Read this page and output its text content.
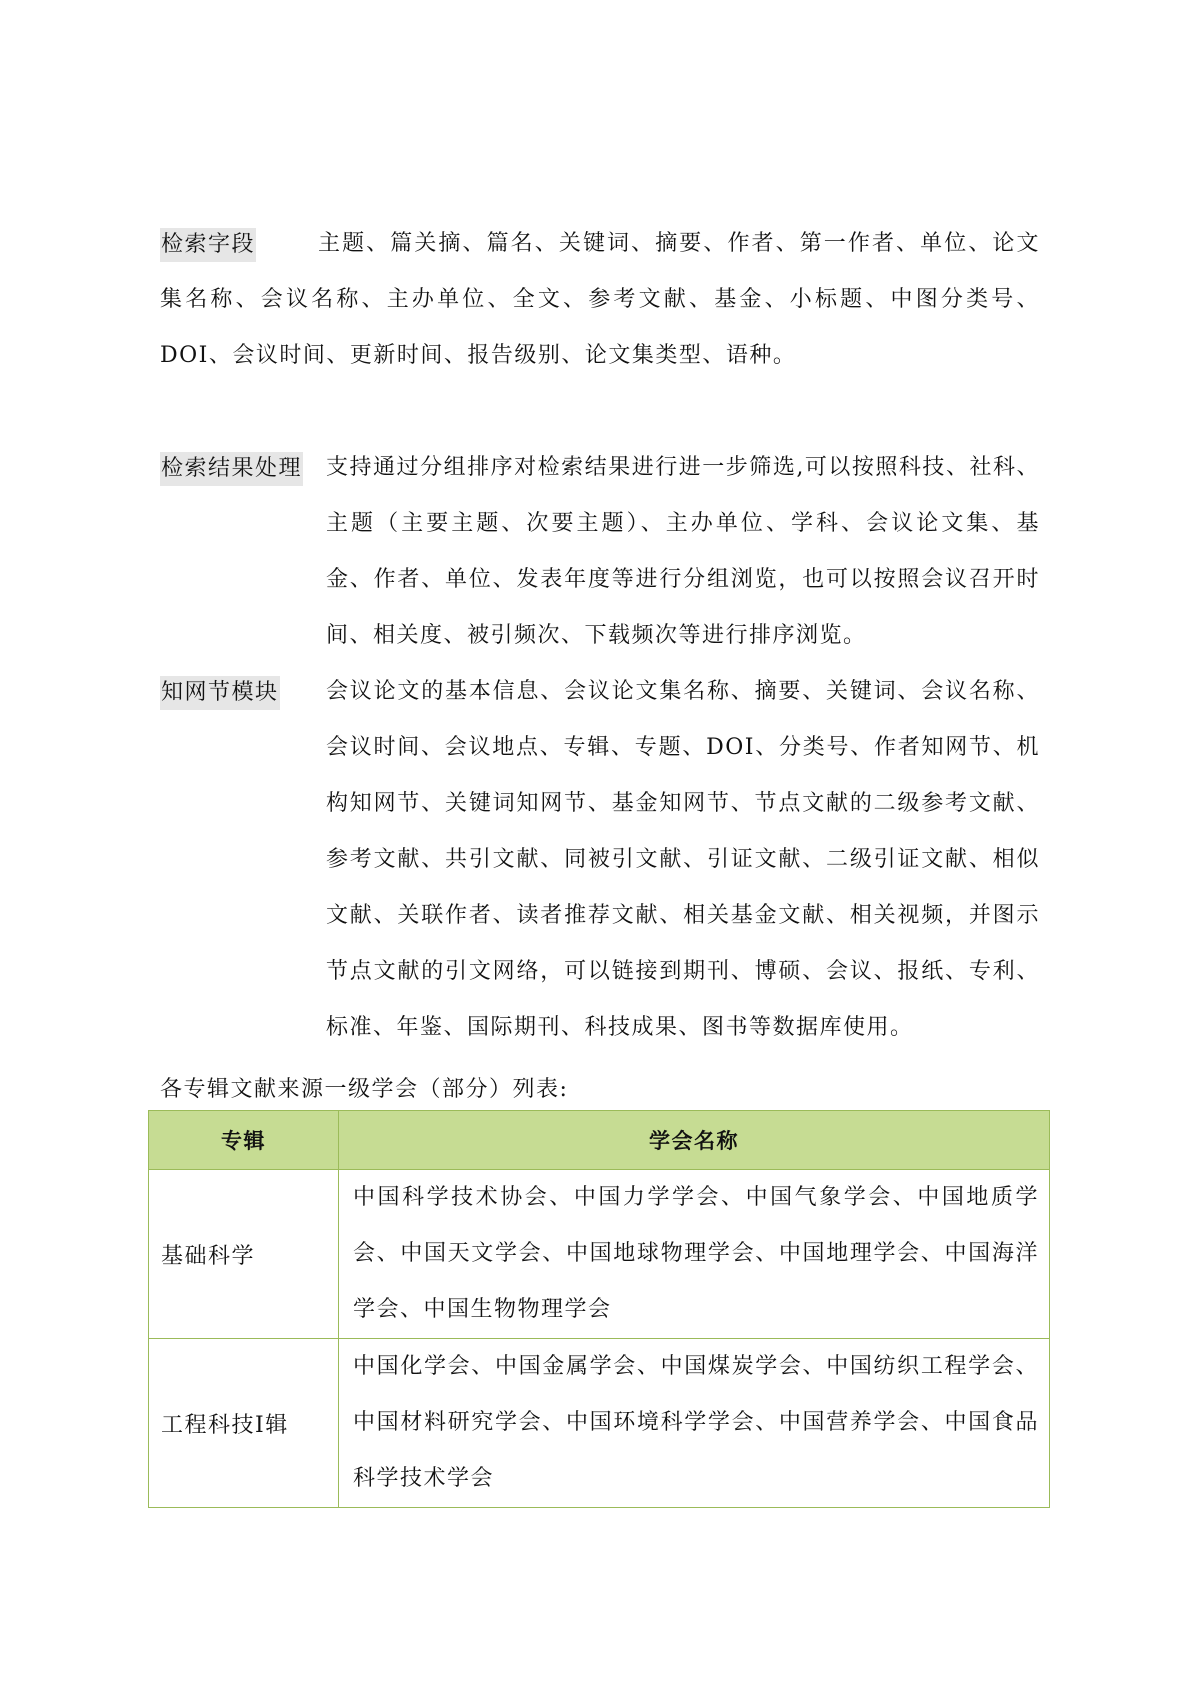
检索字段	主题、篇关摘、篇名、关键词、摘要、作者、第一作者、单位、论文集名称、会议名称、主办单位、全文、参考文献、基金、小标题、中图分类号、DOI、会议时间、更新时间、报告级别、论文集类型、语种。

检索结果处理 支持通过分组排序对检索结果进行进一步筛选,可以按照科技、社科、主题（主要主题、次要主题）、主办单位、学科、会议论文集、基金、作者、单位、发表年度等进行分组浏览，也可以按照会议召开时间、相关度、被引频次、下载频次等进行排序浏览。

知网节模块 会议论文的基本信息、会议论文集名称、摘要、关键词、会议名称、会议时间、会议地点、专辑、专题、DOI、分类号、作者知网节、机构知网节、关键词知网节、基金知网节、节点文献的二级参考文献、参考文献、共引文献、同被引文献、引证文献、二级引证文献、相似文献、关联作者、读者推荐文献、相关基金文献、相关视频，并图示节点文献的引文网络，可以链接到期刊、博硕、会议、报纸、专利、标准、年鉴、国际期刊、科技成果、图书等数据库使用。

各专辑文献来源一级学会（部分）列表:
专辑	学会名称
基础科学	中国科学技术协会、中国力学学会、中国气象学会、中国地质学会、中国天文学会、中国地球物理学会、中国地理学会、中国海洋学会、中国生物物理学会
工程科技I辑	中国化学会、中国金属学会、中国煤炭学会、中国纺织工程学会、中国材料研究学会、中国环境科学学会、中国营养学会、中国食品科学技术学会
